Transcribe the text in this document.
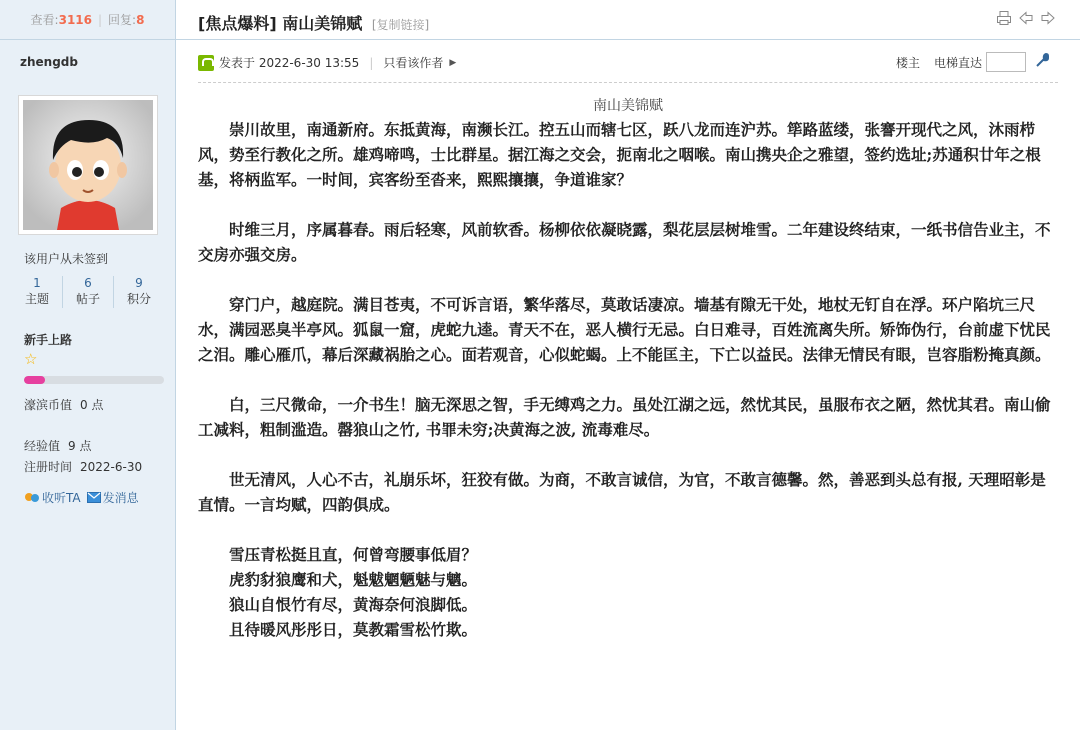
查看: 3116 | 回复: 8
zhengdb
该用户从未签到
1
主题
6
帖子
9
积分
新手上路
☆
濠滨币值 0 点
经验值 9 点
注册时间 2022-6-30
收听TA 发消息
[焦点爆料] 南山美锦赋 [复制链接]
发表于 2022-6-30 13:55 | 只看该作者 ▶	楼主 电梯直达
南山美锦赋

崇川故里，南通新府。东抵黄海，南濒长江。控五山而辖七区，跃八龙而连沪苏。筚路蓝缕，张謇开现代之风，沐雨栉风，势至行教化之所。雄鸡啼鸣，士比群星。据江海之交会，扼南北之咽喉。南山携央企之雅望，签约选址;苏通积廿年之根基，将柄监军。一时间，宾客纷至沓来，熙熙攘攘，争道谁家？

时维三月，序属暮春。雨后轻寒，风前软香。杨柳依依凝晓露，梨花层层树堆雪。二年建设终结束，一纸书信告业主，不交房亦强交房。

穿门户，越庭院。满目苍夷，不可诉言语，繁华落尽，莫敢话凄凉。墙基有隙无干处，地杖无钉自在浮。环户陷坑三尺水，满园恶臭半亭风。狐鼠一窟，虎蛇九逵。青天不在，恶人横行无忌。白日难寻，百姓流离失所。矫饰伪行，台前虚下忧民之泪。雕心雁爪，幕后深藏祸胎之心。面若观音，心似蛇蝎。上不能匡主，下亡以益民。法律无情民有眼，岂容脂粉掩真颜。

白，三尺微命，一介书生！脑无深思之智，手无缚鸡之力。虽处江湖之远，然忧其民，虽服布衣之陋，然忧其君。南山偷工减料，粗制滥造。罄狼山之竹, 书罪未穷;决黄海之波, 流毒难尽。

世无清风，人心不古，礼崩乐坏，狂狡有做。为商，不敢言诚信，为官，不敢言德馨。然，善恶到头总有报, 天理昭彰是直情。一言均赋，四韵俱成。

雪压青松挺且直，何曾弯腰事低眉？
虎豹豺狼鹰和犬，魁魃魍魉魅与魑。
狼山自恨竹有尽，黄海奈何浪脚低。
且待暖风彤彤日，莫教霜雪松竹欺。
